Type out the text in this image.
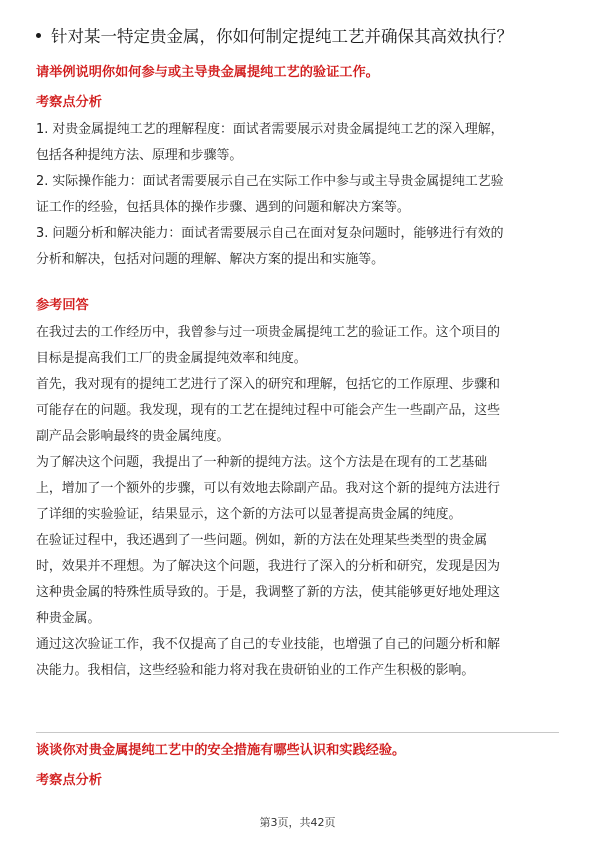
针对某一特定贵金属，你如何制定提纯工艺并确保其高效执行？
请举例说明你如何参与或主导贵金属提纯工艺的验证工作。
考察点分析
1. 对贵金属提纯工艺的理解程度：面试者需要展示对贵金属提纯工艺的深入理解，
包括各种提纯方法、原理和步骤等。
2. 实际操作能力：面试者需要展示自己在实际工作中参与或主导贵金属提纯工艺验
证工作的经验，包括具体的操作步骤、遇到的问题和解决方案等。
3. 问题分析和解决能力：面试者需要展示自己在面对复杂问题时，能够进行有效的
分析和解决，包括对问题的理解、解决方案的提出和实施等。
参考回答
在我过去的工作经历中，我曾参与过一项贵金属提纯工艺的验证工作。这个项目的
目标是提高我们工厂的贵金属提纯效率和纯度。
首先，我对现有的提纯工艺进行了深入的研究和理解，包括它的工作原理、步骤和
可能存在的问题。我发现，现有的工艺在提纯过程中可能会产生一些副产品，这些
副产品会影响最终的贵金属纯度。
为了解决这个问题，我提出了一种新的提纯方法。这个方法是在现有的工艺基础
上，增加了一个额外的步骤，可以有效地去除副产品。我对这个新的提纯方法进行
了详细的实验验证，结果显示，这个新的方法可以显著提高贵金属的纯度。
在验证过程中，我还遇到了一些问题。例如，新的方法在处理某些类型的贵金属
时，效果并不理想。为了解决这个问题，我进行了深入的分析和研究，发现是因为
这种贵金属的特殊性质导致的。于是，我调整了新的方法，使其能够更好地处理这
种贵金属。
通过这次验证工作，我不仅提高了自己的专业技能，也增强了自己的问题分析和解
决能力。我相信，这些经验和能力将对我在贵研铂业的工作产生积极的影响。
谈谈你对贵金属提纯工艺中的安全措施有哪些认识和实践经验。
考察点分析
第3页，共42页
